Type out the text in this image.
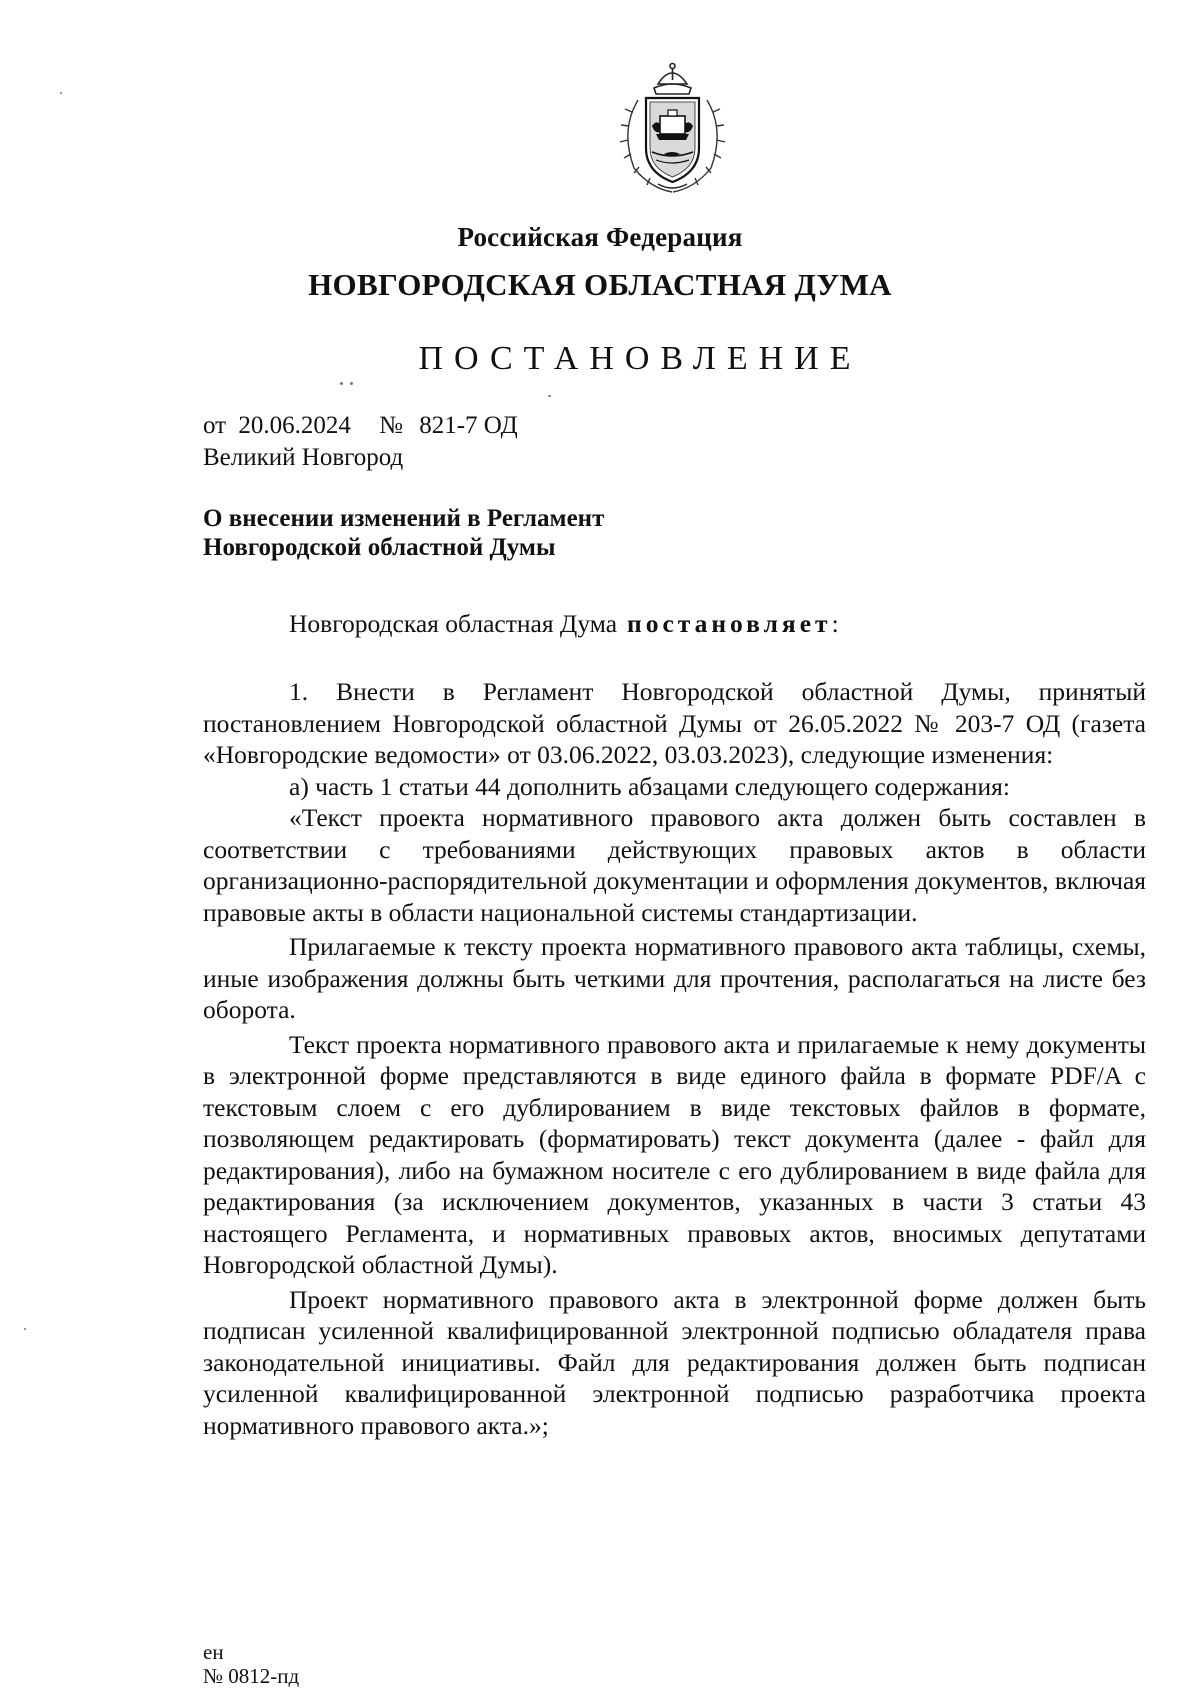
Российская Федерация
НОВГОРОДСКАЯ ОБЛАСТНАЯ ДУМА
ПОСТАНОВЛЕНИЕ
от 20.06.2024 № 821-7 ОД
Великий Новгород
О внесении изменений в Регламент
Новгородской областной Думы

Новгородская областная Дума постановляет:

1. Внести в Регламент Новгородской областной Думы, принятый постановлением Новгородской областной Думы от 26.05.2022 № 203-7 ОД (газета «Новгородские ведомости» от 03.06.2022, 03.03.2023), следующие изменения:

а) часть 1 статьи 44 дополнить абзацами следующего содержания:

«Текст проекта нормативного правового акта должен быть составлен в соответствии с требованиями действующих правовых актов в области организационно-распорядительной документации и оформления документов, включая правовые акты в области национальной системы стандартизации.

Прилагаемые к тексту проекта нормативного правового акта таблицы, схемы, иные изображения должны быть четкими для прочтения, располагаться на листе без оборота.

Текст проекта нормативного правового акта и прилагаемые к нему документы в электронной форме представляются в виде единого файла в формате PDF/A с текстовым слоем с его дублированием в виде текстовых файлов в формате, позволяющем редактировать (форматировать) текст документа (далее - файл для редактирования), либо на бумажном носителе с его дублированием в виде файла для редактирования (за исключением документов, указанных в части 3 статьи 43 настоящего Регламента, и нормативных правовых актов, вносимых депутатами Новгородской областной Думы).

Проект нормативного правового акта в электронной форме должен быть подписан усиленной квалифицированной электронной подписью обладателя права законодательной инициативы. Файл для редактирования должен быть подписан усиленной квалифицированной электронной подписью разработчика проекта нормативного правового акта.»;

ен
№ 0812-пд
